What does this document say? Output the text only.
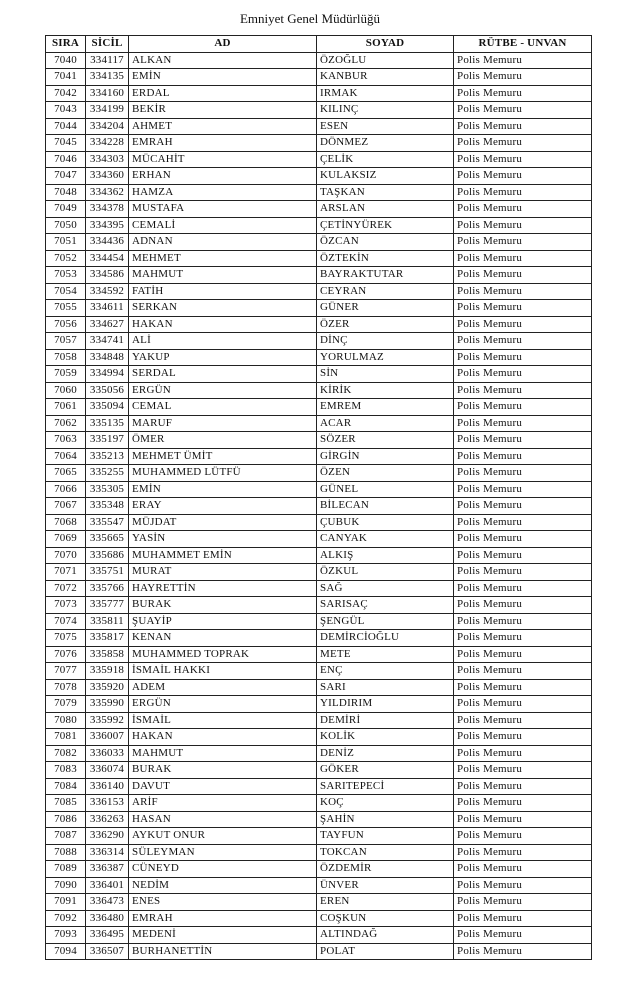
Emniyet Genel Müdürlüğü
SIRA	SİCİL	AD	SOYAD	RÜTBE - UNVAN
7040	334117	ALKAN	ÖZOĞLU	Polis Memuru
7041	334135	EMİN	KANBUR	Polis Memuru
7042	334160	ERDAL	IRMAK	Polis Memuru
7043	334199	BEKİR	KILINÇ	Polis Memuru
7044	334204	AHMET	ESEN	Polis Memuru
7045	334228	EMRAH	DÖNMEZ	Polis Memuru
7046	334303	MÜCAHİT	ÇELİK	Polis Memuru
7047	334360	ERHAN	KULAKSIZ	Polis Memuru
7048	334362	HAMZA	TAŞKAN	Polis Memuru
7049	334378	MUSTAFA	ARSLAN	Polis Memuru
7050	334395	CEMALİ	ÇETİNYÜREK	Polis Memuru
7051	334436	ADNAN	ÖZCAN	Polis Memuru
7052	334454	MEHMET	ÖZTEKİN	Polis Memuru
7053	334586	MAHMUT	BAYRAKTUTAR	Polis Memuru
7054	334592	FATİH	CEYRAN	Polis Memuru
7055	334611	SERKAN	GÜNER	Polis Memuru
7056	334627	HAKAN	ÖZER	Polis Memuru
7057	334741	ALİ	DİNÇ	Polis Memuru
7058	334848	YAKUP	YORULMAZ	Polis Memuru
7059	334994	SERDAL	SİN	Polis Memuru
7060	335056	ERGÜN	KİRİK	Polis Memuru
7061	335094	CEMAL	EMREM	Polis Memuru
7062	335135	MARUF	ACAR	Polis Memuru
7063	335197	ÖMER	SÖZER	Polis Memuru
7064	335213	MEHMET ÜMİT	GİRGİN	Polis Memuru
7065	335255	MUHAMMED LÜTFÜ	ÖZEN	Polis Memuru
7066	335305	EMİN	GÜNEL	Polis Memuru
7067	335348	ERAY	BİLECAN	Polis Memuru
7068	335547	MÜJDAT	ÇUBUK	Polis Memuru
7069	335665	YASİN	CANYAK	Polis Memuru
7070	335686	MUHAMMET EMİN	ALKIŞ	Polis Memuru
7071	335751	MURAT	ÖZKUL	Polis Memuru
7072	335766	HAYRETTİN	SAĞ	Polis Memuru
7073	335777	BURAK	SARISAÇ	Polis Memuru
7074	335811	ŞUAYİP	ŞENGÜL	Polis Memuru
7075	335817	KENAN	DEMİRCİOĞLU	Polis Memuru
7076	335858	MUHAMMED TOPRAK	METE	Polis Memuru
7077	335918	İSMAİL HAKKI	ENÇ	Polis Memuru
7078	335920	ADEM	SARI	Polis Memuru
7079	335990	ERGÜN	YILDIRIM	Polis Memuru
7080	335992	İSMAİL	DEMİRİ	Polis Memuru
7081	336007	HAKAN	KOLİK	Polis Memuru
7082	336033	MAHMUT	DENİZ	Polis Memuru
7083	336074	BURAK	GÖKER	Polis Memuru
7084	336140	DAVUT	SARITEPECİ	Polis Memuru
7085	336153	ARİF	KOÇ	Polis Memuru
7086	336263	HASAN	ŞAHİN	Polis Memuru
7087	336290	AYKUT ONUR	TAYFUN	Polis Memuru
7088	336314	SÜLEYMAN	TOKCAN	Polis Memuru
7089	336387	CÜNEYD	ÖZDEMİR	Polis Memuru
7090	336401	NEDİM	ÜNVER	Polis Memuru
7091	336473	ENES	EREN	Polis Memuru
7092	336480	EMRAH	COŞKUN	Polis Memuru
7093	336495	MEDENİ	ALTINDAĞ	Polis Memuru
7094	336507	BURHANETTİN	POLAT	Polis Memuru
